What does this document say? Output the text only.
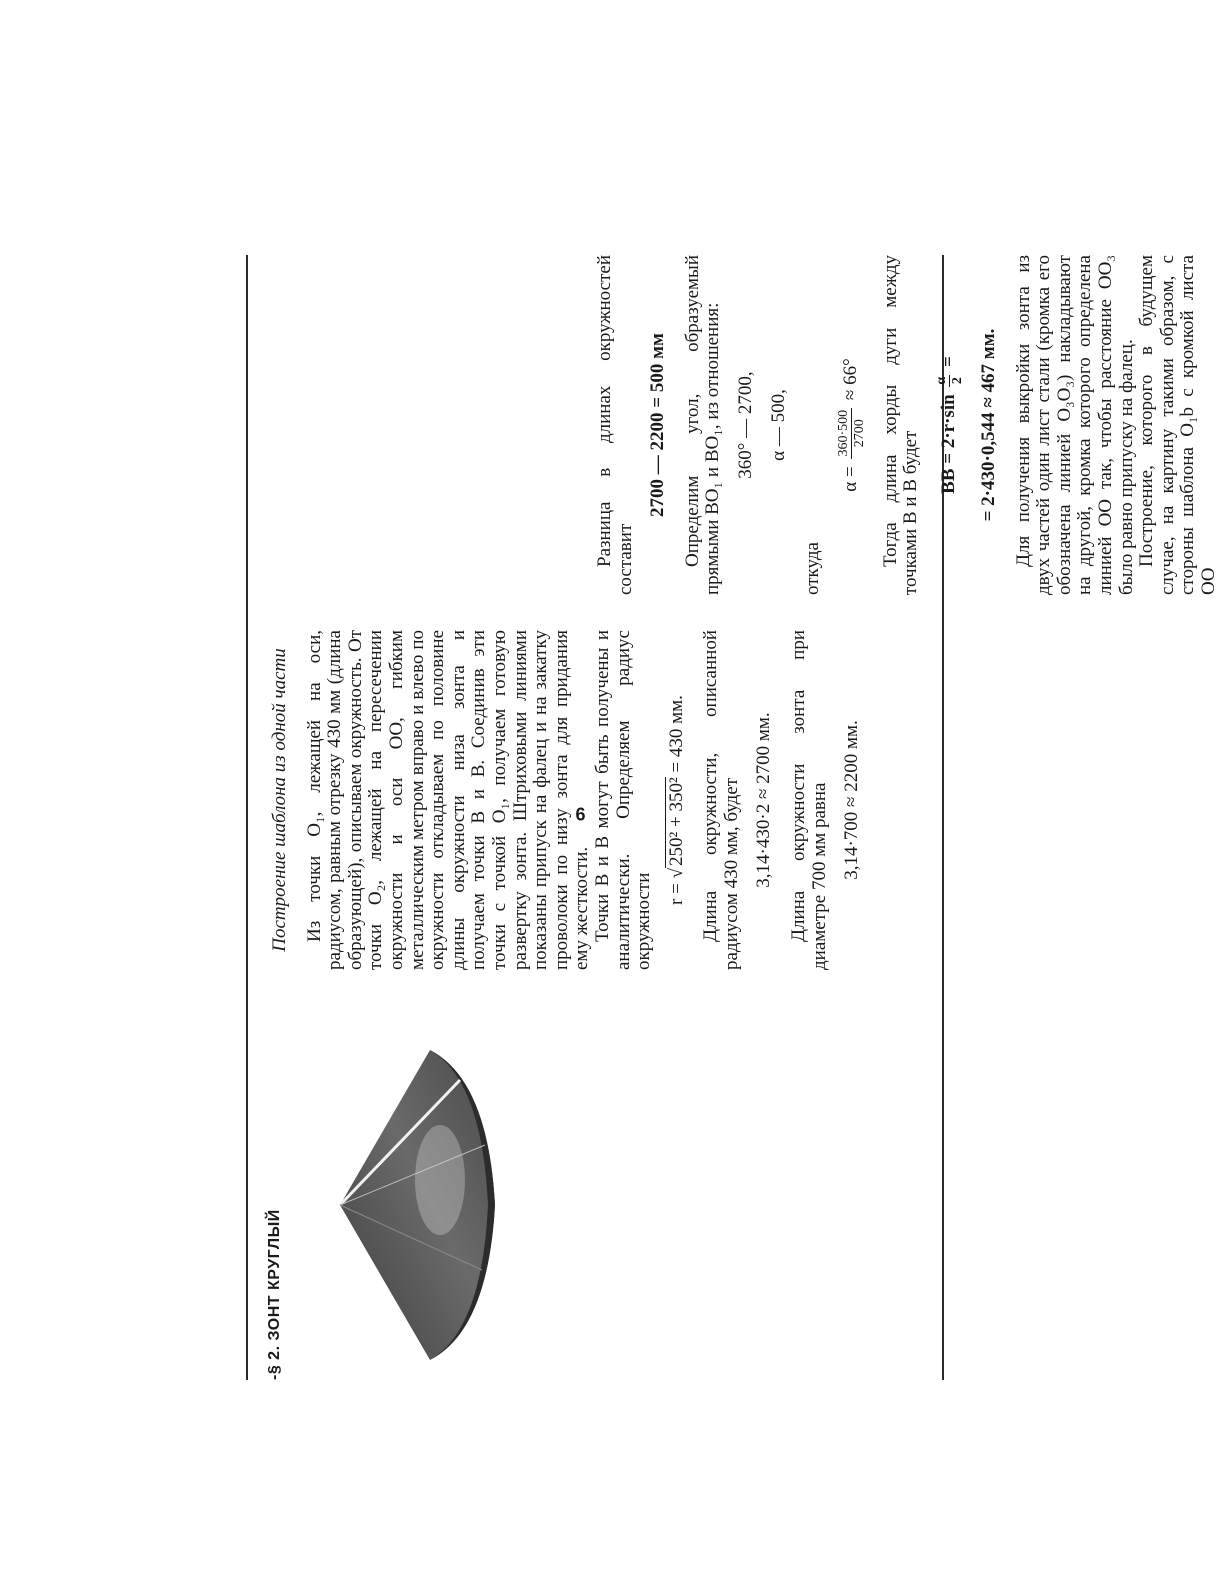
-§ 2. ЗОНТ КРУГЛЫЙ
Построение шаблона из одной части Из точки O₁, лежащей на оси, радиусом, равным отрезку 430 мм (длина образующей), описываем окружность. От точки O₂, лежащей на пересечении окружности и оси OO, гибким металлическим метром вправо и влево по окружности откладываем по половине длины окружности низа зонта и получаем точки B и B. Соединив эти точки с точкой O₁, получаем готовую развертку зонта. Штриховыми линиями показаны припуск на фалец и на закатку проволоки по низу зонта для придания ему жесткости. Точки B и B могут быть получены и аналитически. Определяем радиус окружности r = √250² + 350² = 430 мм. Длина окружности, описанной радиусом 430 мм, будет 3,14·430·2 ≈ 2700 мм. Длина окружности зонта при диаметре 700 мм равна 3,14·700 ≈ 2200 мм.

Разница в длинах окружностей составит

2700 — 2200 = 500 мм Определим угол, образуемый прямыми BO₁ и BO₁, из отношения: 360° — 2700, α — 500,

откуда

α =
360·500 2700
≈ 66°	Тогда длина хорды дуги между точками B и B будет BB = 2·r·sin
α 2
=	= 2·430·0,544 ≈ 467 мм. Для получения выкройки зонта из двух частей один лист стали (кромка его обозначена линией O₃O₃) накладывают на другой, кромка которого определена линией OO так, чтобы расстояние OO₃ было равно припуску на фалец. Построение, которого в будущем случае, на картину такими образом, с стороны шаблона O₁b с кромкой листа OO

6
